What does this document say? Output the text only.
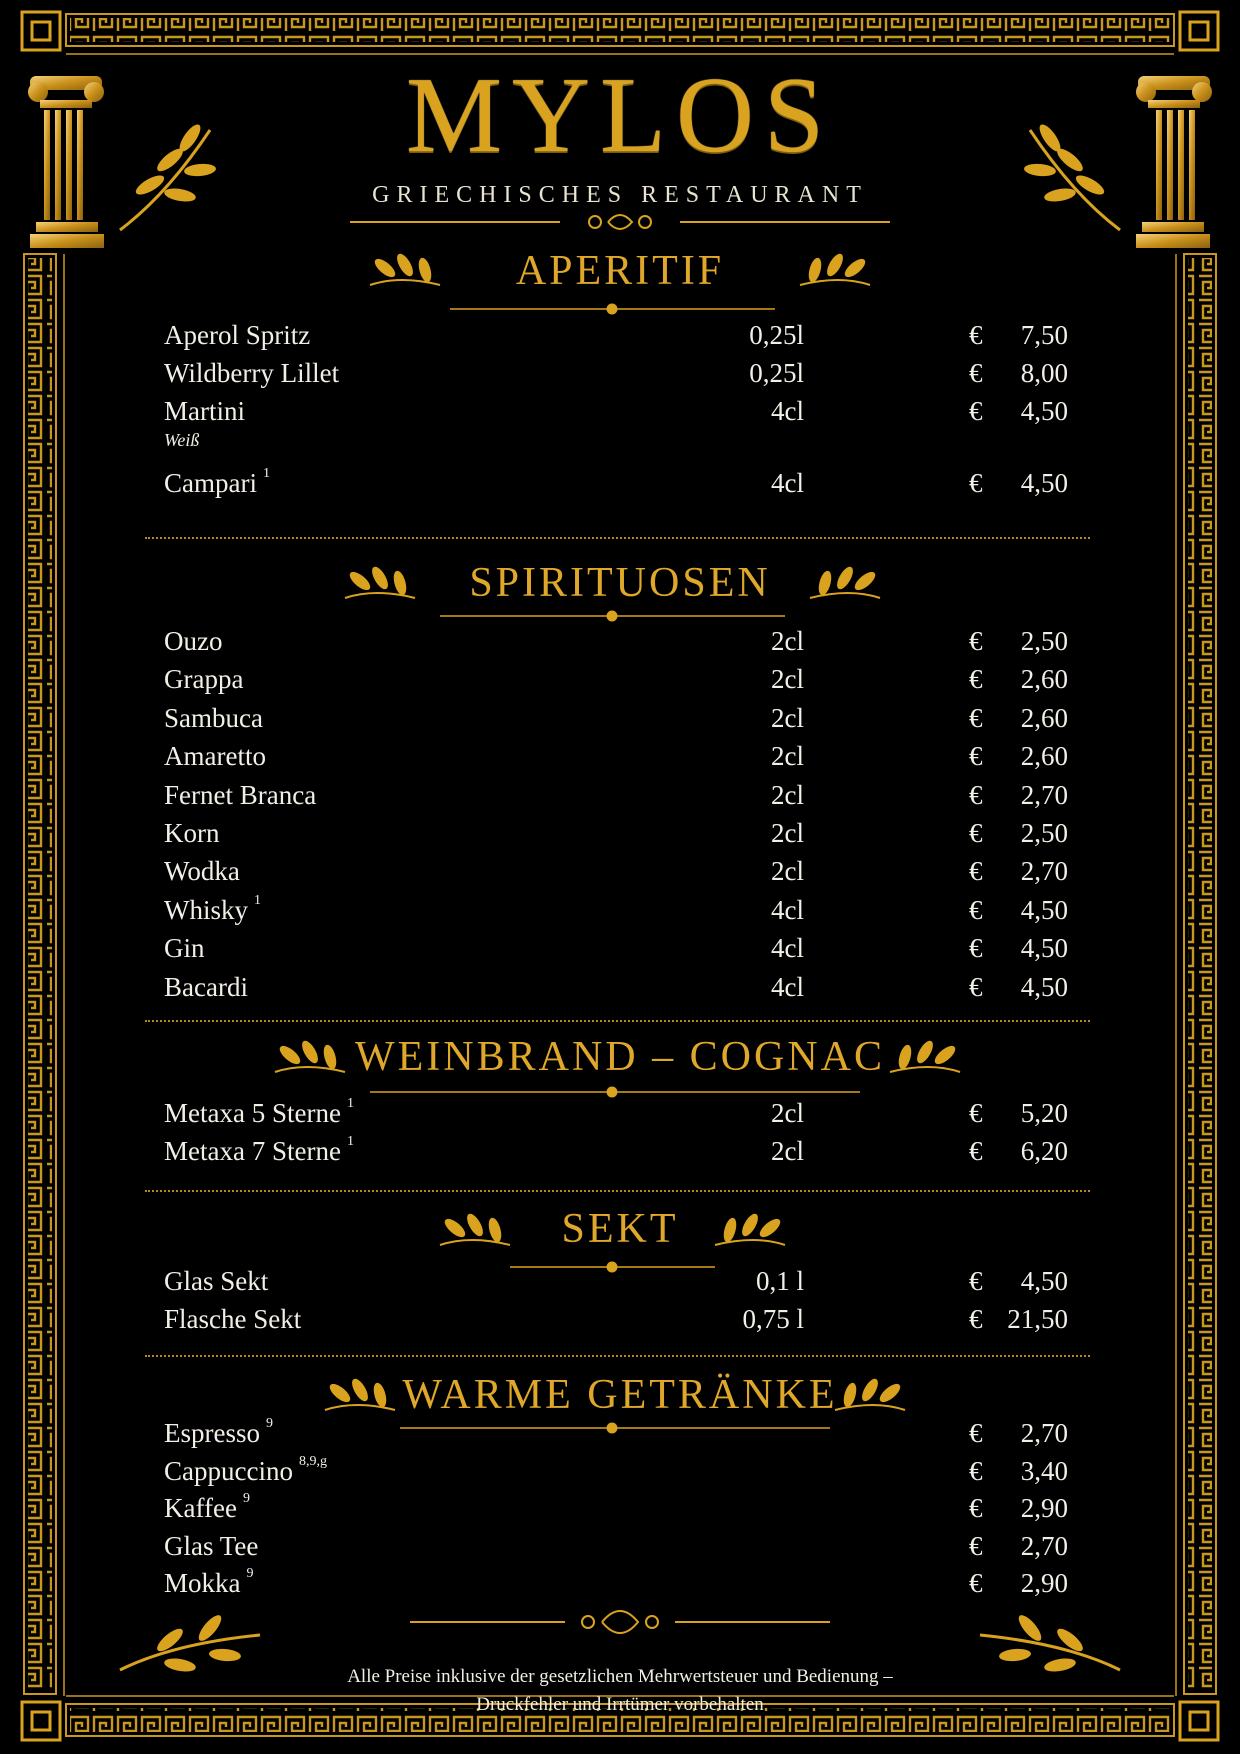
MYLOS
GRIECHISCHES RESTAURANT
APERITIF
Aperol Spritz	0,25l	€ 7,50
Wildberry Lillet	0,25l	€ 8,00
Martini	4cl	€ 4,50
Weiß
Campari $^1$	4cl	€ 4,50
SPIRITUOSEN
Ouzo	2cl	€ 2,50
Grappa	2cl	€ 2,60
Sambuca	2cl	€ 2,60
Amaretto	2cl	€ 2,60
Fernet Branca	2cl	€ 2,70
Korn	2cl	€ 2,50
Wodka	2cl	€ 2,70
Whisky $^1$	4cl	€ 4,50
Gin	4cl	€ 4,50
Bacardi	4cl	€ 4,50
WEINBRAND – COGNAC
Metaxa 5 Sterne $^1$	2cl	€ 5,20
Metaxa 7 Sterne $^1$	2cl	€ 6,20
SEKT
Glas Sekt	0,1 l	€ 4,50
Flasche Sekt	0,75 l	€ 21,50
WARME GETRÄNKE
Espresso $^9$	€ 2,70
Cappuccino $^{8,9,g}$	€ 3,40
Kaffee $^9$	€ 2,90
Glas Tee	€ 2,70
Mokka $^9$	€ 2,90
Alle Preise inklusive der gesetzlichen Mehrwertsteuer und Bedienung –
Druckfehler und Irrtümer vorbehalten
